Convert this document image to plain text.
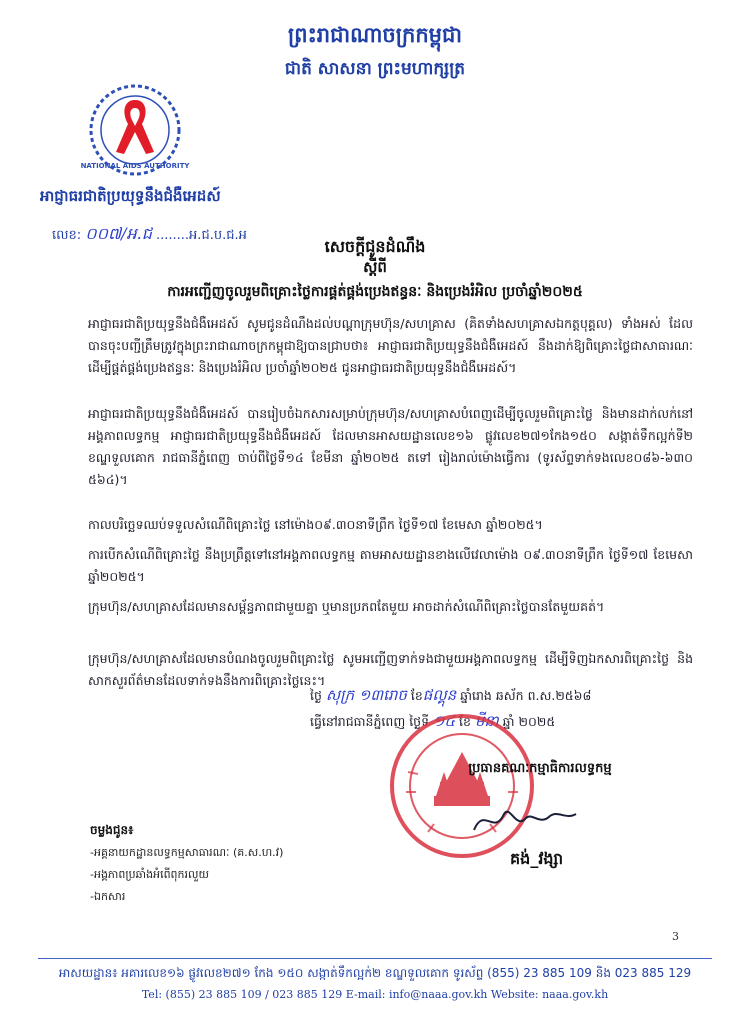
ព្រះរាជាណាចក្រកម្ពុជា
ជាតិ សាសនា ព្រះមហាក្សត្រ
NATIONAL AIDS AUTHORITY
អាជ្ញាធរជាតិប្រយុទ្ធនឹងជំងឺអេដស៍
លេខ: ០០៧/អ.ជ ........អ.ជ.ប.ជ.អ
សេចក្តីជូនដំណឹង
ស្តីពី
ការអញ្ជើញចូលរួមពិគ្រោះថ្លៃការផ្គត់ផ្គង់ប្រេងឥន្ធនៈ និងប្រេងរំអិល ប្រចាំឆ្នាំ២០២៥
អាជ្ញាធរជាតិប្រយុទ្ធនឹងជំងឺអេដស៍ សូមជូនដំណឹងដល់បណ្តាក្រុមហ៊ុន/សហគ្រាស (គិតទាំងសហគ្រាសឯកត្តបុគ្គល) ទាំងអស់ ដែលបានចុះបញ្ជីត្រឹមត្រូវក្នុងព្រះរាជាណាចក្រកម្ពុជាឱ្យបានជ្រាបថា៖ អាជ្ញាធរជាតិប្រយុទ្ធនឹងជំងឺអេដស៍ នឹងដាក់ឱ្យពិគ្រោះថ្លៃជាសាធារណៈ ដើម្បីផ្គត់ផ្គង់ប្រេងឥន្ធនៈ និងប្រេងរំអិល ប្រចាំឆ្នាំ២០២៥ ជូនអាជ្ញាធរជាតិប្រយុទ្ធនឹងជំងឺអេដស៍។
អាជ្ញាធរជាតិប្រយុទ្ធនឹងជំងឺអេដស៍ បានរៀបចំឯកសារសម្រាប់ក្រុមហ៊ុន/សហគ្រាសបំពេញដើម្បីចូលរួមពិគ្រោះថ្លៃ និងមានដាក់លក់នៅអង្គភាពលទ្ធកម្ម អាជ្ញាធរជាតិប្រយុទ្ធនឹងជំងឺអេដស៍ ដែលមានអាសយដ្ឋានលេខ១៦ ផ្លូវលេខ២៧១កែង១៥០ សង្កាត់ទឹកល្អក់ទី២ ខណ្ឌទួលគោក រាជធានីភ្នំពេញ ចាប់ពីថ្ងៃទី១៤ ខែមីនា ឆ្នាំ២០២៥ តទៅ រៀងរាល់ម៉ោងធ្វើការ (ទូរស័ព្ទទាក់ទងលេខ០៨៦-៦៣០ ៥៦៤)។
កាលបរិច្ឆេទឈប់ទទួលសំណើពិគ្រោះថ្លៃ នៅម៉ោង០៩.៣០នាទីព្រឹក ថ្ងៃទី១៧ ខែមេសា ឆ្នាំ២០២៥។
ការបើកសំណើពិគ្រោះថ្លៃ នឹងប្រព្រឹត្តទៅនៅអង្គភាពលទ្ធកម្ម តាមអាសយដ្ឋានខាងលើវេលាម៉ោង ០៩.៣០នាទីព្រឹក ថ្ងៃទី១៧ ខែមេសា ឆ្នាំ២០២៥។
ក្រុមហ៊ុន/សហគ្រាសដែលមានសម្ព័ន្ធភាពជាមួយគ្នា ឬមានប្រភពតែមួយ អាចដាក់សំណើពិគ្រោះថ្លៃបានតែមួយគត់។
ក្រុមហ៊ុន/សហគ្រាសដែលមានបំណងចូលរួមពិគ្រោះថ្លៃ សូមអញ្ជើញទាក់ទងជាមួយអង្គភាពលទ្ធកម្ម ដើម្បីទិញឯកសារពិគ្រោះថ្លៃ និងសាកសួរព័ត៌មានដែលទាក់ទងនឹងការពិគ្រោះថ្លៃនេះ។
ថ្ងៃ សុក្រ ១៣រោច ខែផល្គុន ឆ្នាំរោង ឆស័ក ព.ស.២៥៦៨
ធ្វើនៅរាជធានីភ្នំពេញ ថ្ងៃទី ១៤ ខែ មីនា ឆ្នាំ ២០២៥
ប្រធានគណៈកម្មាធិការលទ្ធកម្ម
គង់_វង្សា
ចម្លងជូន៖
-អគ្គនាយកដ្ឋានលទ្ធកម្មសាធារណៈ (គ.ស.ហ.វ)
-អង្គភាពប្រឆាំងអំពើពុករលួយ
-ឯកសារ
3
អាសយដ្ឋាន៖ អគារលេខ១៦ ផ្លូវលេខ២៧១ កែង ១៥០ សង្កាត់ទឹកល្អក់២ ខណ្ឌទួលគោក ទូរស័ព្ទ (855) 23 885 109 និង 023 885 129
Tel: (855) 23 885 109 / 023 885 129 E-mail: info@naaa.gov.kh Website: naaa.gov.kh
